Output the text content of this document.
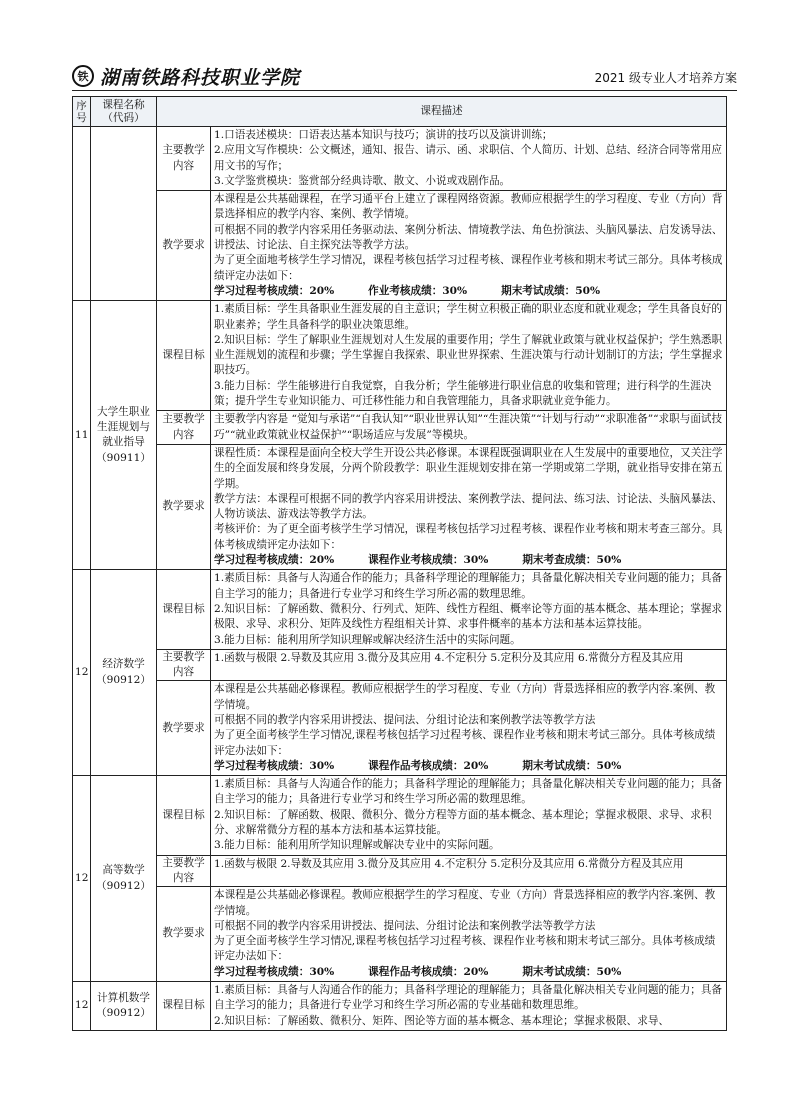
铁 湖南铁路科技职业学院	2021 级专业人才培养方案
序号	课程名称（代码）	课程描述	
		主要教学内容	1.口语表述模块：口语表达基本知识与技巧；演讲的技巧以及演讲训练；
2.应用文写作模块：公文概述，通知、报告、请示、函、求职信、个人简历、计划、总结、经济合同等常用应用文书的写作；
3.文学鉴赏模块：鉴赏部分经典诗歌、散文、小说或戏剧作品。

		教学要求	本课程是公共基础课程，在学习通平台上建立了课程网络资源。教师应根据学生的学习程度、专业（方向）背景选择相应的教学内容、案例、教学情境。
可根据不同的教学内容采用任务驱动法、案例分析法、情境教学法、角色扮演法、头脑风暴法、启发诱导法、讲授法、讨论法、自主探究法等教学方法。
为了更全面地考核学生学习情况，课程考核包括学习过程考核、课程作业考核和期末考试三部分。具体考核成绩评定办法如下：
学习过程考核成绩：20% 作业考核成绩：30% 期末考试成绩：50%

11	大学生职业生涯规划与就业指导（90911）	课程目标	1.素质目标：学生具备职业生涯发展的自主意识；学生树立积极正确的职业态度和就业观念；学生具备良好的职业素养；学生具备科学的职业决策思维。
2.知识目标：学生了解职业生涯规划对人生发展的重要作用；学生了解就业政策与就业权益保护；学生熟悉职业生涯规划的流程和步骤；学生掌握自我探索、职业世界探索、生涯决策与行动计划制订的方法；学生掌握求职技巧。
3.能力目标：学生能够进行自我觉察，自我分析；学生能够进行职业信息的收集和管理；进行科学的生涯决策；提升学生专业知识能力、可迁移性能力和自我管理能力，具备求职就业竞争能力。

		主要教学内容	主要教学内容是 “觉知与承诺”“自我认知”“职业世界认知”“生涯决策”“计划与行动”“求职准备”“求职与面试技巧”“就业政策就业权益保护”“职场适应与发展”等模块。

		教学要求	课程性质：本课程是面向全校大学生开设公共必修课。本课程既强调职业在人生发展中的重要地位，又关注学生的全面发展和终身发展，分两个阶段教学：职业生涯规划安排在第一学期或第二学期，就业指导安排在第五学期。
教学方法：本课程可根据不同的教学内容采用讲授法、案例教学法、提问法、练习法、讨论法、头脑风暴法、人物访谈法、游戏法等教学方法。
考核评价：为了更全面考核学生学习情况，课程考核包括学习过程考核、课程作业考核和期末考查三部分。具体考核成绩评定办法如下：
学习过程考核成绩：20% 课程作业考核成绩：30% 期末考查成绩：50%

12	经济数学（90912）	课程目标	1.素质目标：具备与人沟通合作的能力；具备科学理论的理解能力；具备量化解决相关专业问题的能力；具备自主学习的能力；具备进行专业学习和终生学习所必需的数理思维。
2.知识目标：了解函数、微积分、行列式、矩阵、线性方程组、概率论等方面的基本概念、基本理论；掌握求极限、求导、求积分、矩阵及线性方程组相关计算、求事件概率的基本方法和基本运算技能。
3.能力目标：能利用所学知识理解或解决经济生活中的实际问题。

		主要教学内容	1.函数与极限 2.导数及其应用 3.微分及其应用 4.不定积分 5.定积分及其应用 6.常微分方程及其应用

		教学要求	本课程是公共基础必修课程。教师应根据学生的学习程度、专业（方向）背景选择相应的教学内容.案例、教学情境。
可根据不同的教学内容采用讲授法、提问法、分组讨论法和案例教学法等教学方法
为了更全面考核学生学习情况,课程考核包括学习过程考核、课程作业考核和期末考试三部分。具体考核成绩评定办法如下：
学习过程考核成绩：30% 课程作品考核成绩：20% 期末考试成绩：50%

12	高等数学（90912）	课程目标	1.素质目标：具备与人沟通合作的能力；具备科学理论的理解能力；具备量化解决相关专业问题的能力；具备自主学习的能力；具备进行专业学习和终生学习所必需的数理思维。
2.知识目标：了解函数、极限、微积分、微分方程等方面的基本概念、基本理论；掌握求极限、求导、求积分、求解常微分方程的基本方法和基本运算技能。
3.能力目标：能利用所学知识理解或解决专业中的实际问题。

		主要教学内容	1.函数与极限 2.导数及其应用 3.微分及其应用 4.不定积分 5.定积分及其应用 6.常微分方程及其应用

		教学要求	本课程是公共基础必修课程。教师应根据学生的学习程度、专业（方向）背景选择相应的教学内容.案例、教学情境。
可根据不同的教学内容采用讲授法、提问法、分组讨论法和案例教学法等教学方法
为了更全面考核学生学习情况,课程考核包括学习过程考核、课程作业考核和期末考试三部分。具体考核成绩评定办法如下：
学习过程考核成绩：30% 课程作品考核成绩：20% 期末考试成绩：50%

12	计算机数学（90912）	课程目标	1.素质目标：具备与人沟通合作的能力；具备科学理论的理解能力；具备量化解决相关专业问题的能力；具备自主学习的能力；具备进行专业学习和终生学习所必需的专业基础和数理思维。
2.知识目标：了解函数、微积分、矩阵、图论等方面的基本概念、基本理论；掌握求极限、求导、
